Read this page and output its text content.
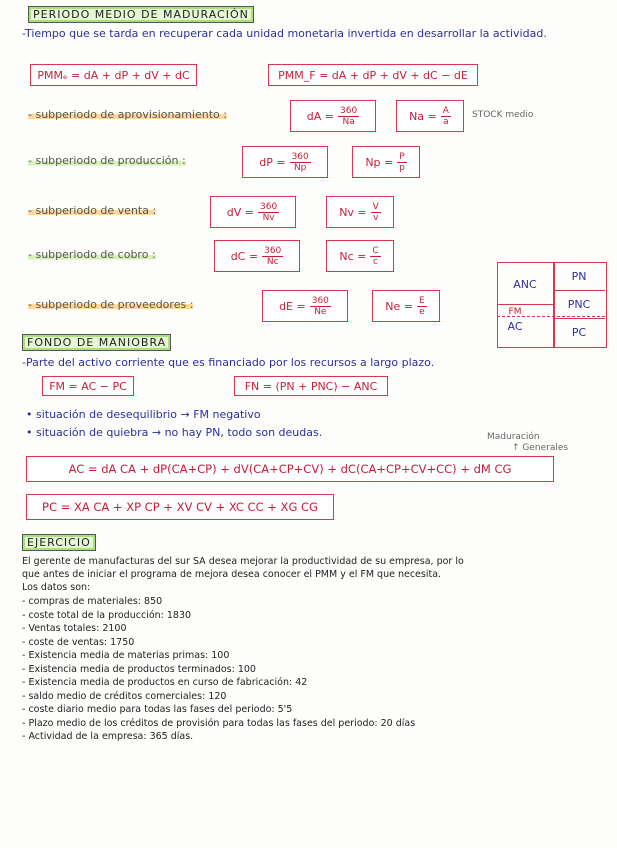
PERIODO MEDIO DE MADURACIÓN
-Tiempo que se tarda en recuperar cada unidad monetaria invertida en desarrollar la actividad.
PMMₑ = dA + dP + dV + dC	PMM_F = dA + dP + dV + dC − dE
- subperiodo de aprovisionamiento :	dA = $\frac{360}{Na}$	$Na = \frac{A}{a}$
- subperiodo de producción :	dP = $\frac{360}{Np}$	$Np = \frac{P}{p}$
- subperiodo de venta :	dV = $\frac{360}{Nv}$	$Nv = \frac{V}{v}$
- subperiodo de cobro :	dC = $\frac{360}{Nc}$	$Nc = \frac{C}{c}$
- subperiodo de proveedores :	dE = $\frac{360}{Ne}$	$Ne = \frac{E}{e}$
STOCK medio
ANC
FM
AC
PN
PNC
PC
FONDO DE MANIOBRA
-Parte del activo corriente que es financiado por los recursos a largo plazo.
FM = AC − PC	FN = (PN + PNC) − ANC
• situación de desequilibrio → FM negativo
• situación de quiebra → no hay PN, todo son deudas.	Maduración
↑ Generales
AC = dA CA + dP(CA+CP) + dV(CA+CP+CV) + dC(CA+CP+CV+CC) + dM CG
PC = XA CA + XP CP + XV CV + XC CC + XG CG
EJERCICIO
El gerente de manufacturas del sur SA desea mejorar la productividad de su empresa, por lo
que antes de iniciar el programa de mejora desea conocer el PMM y el FM que necesita.
Los datos son:
- compras de materiales: 850
- coste total de la producción: 1830
- Ventas totales: 2100
- coste de ventas: 1750
- Existencia media de materias primas: 100
- Existencia media de productos terminados: 100
- Existencia media de productos en curso de fabricación: 42
- saldo medio de créditos comerciales: 120
- coste diario medio para todas las fases del periodo: 5'5
- Plazo medio de los créditos de provisión para todas las fases del periodo: 20 días
- Actividad de la empresa: 365 días.
